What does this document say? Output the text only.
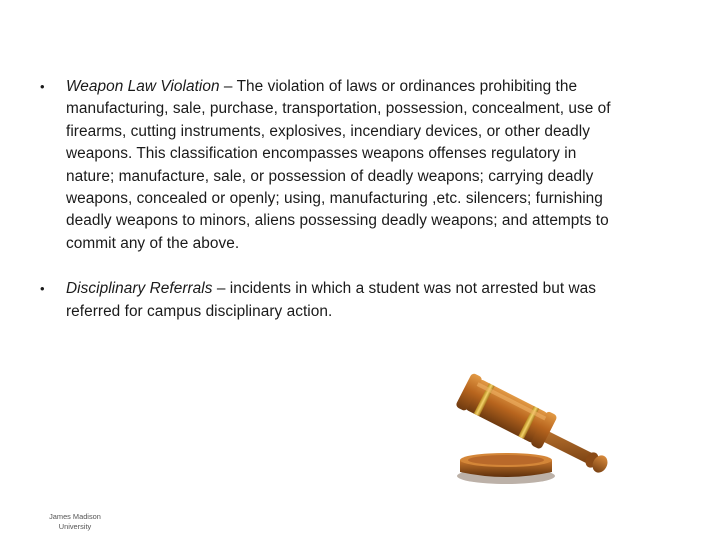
• Weapon Law Violation – The violation of laws or ordinances prohibiting the manufacturing, sale, purchase, transportation, possession, concealment, use of firearms, cutting instruments, explosives, incendiary devices, or other deadly weapons. This classification encompasses weapons offenses regulatory in nature; manufacture, sale, or possession of deadly weapons; carrying deadly weapons, concealed or openly; using, manufacturing ,etc. silencers; furnishing deadly weapons to minors, aliens possessing deadly weapons; and attempts to commit any of the above.
• Disciplinary Referrals – incidents in which a student was not arrested but was referred for campus disciplinary action.
James Madison
University
